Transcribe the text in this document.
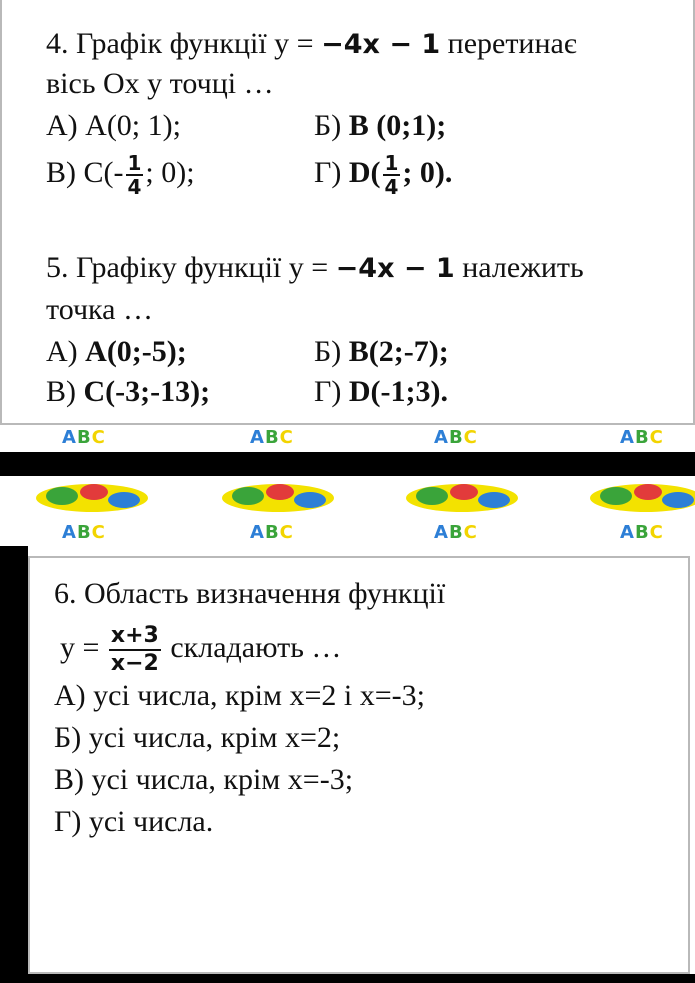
4. Графік функції y = −4x − 1 перетинає
вісь Ох у точці …
А) А(0; 1);	Б) В (0;1);
В) $С(- \frac{1}{4}$ ; 0);	Г) $D( \frac{1}{4}$ ; 0).
5. Графіку функції y = −4x − 1 належить
точка …
А) A(0;-5);	Б) B(2;-7);
В) C(-3;-13);	Г) D(-1;3).
ABC	ABC	ABC	ABC
ABC	ABC	ABC	ABC
6. Область визначення функції
$y = \frac{x+3}{x-2}$ складають …
А) усі числа, крім x=2 і x=-3;
Б) усі числа, крім x=2;
В) усі числа, крім x=-3;
Г) усі числа.
